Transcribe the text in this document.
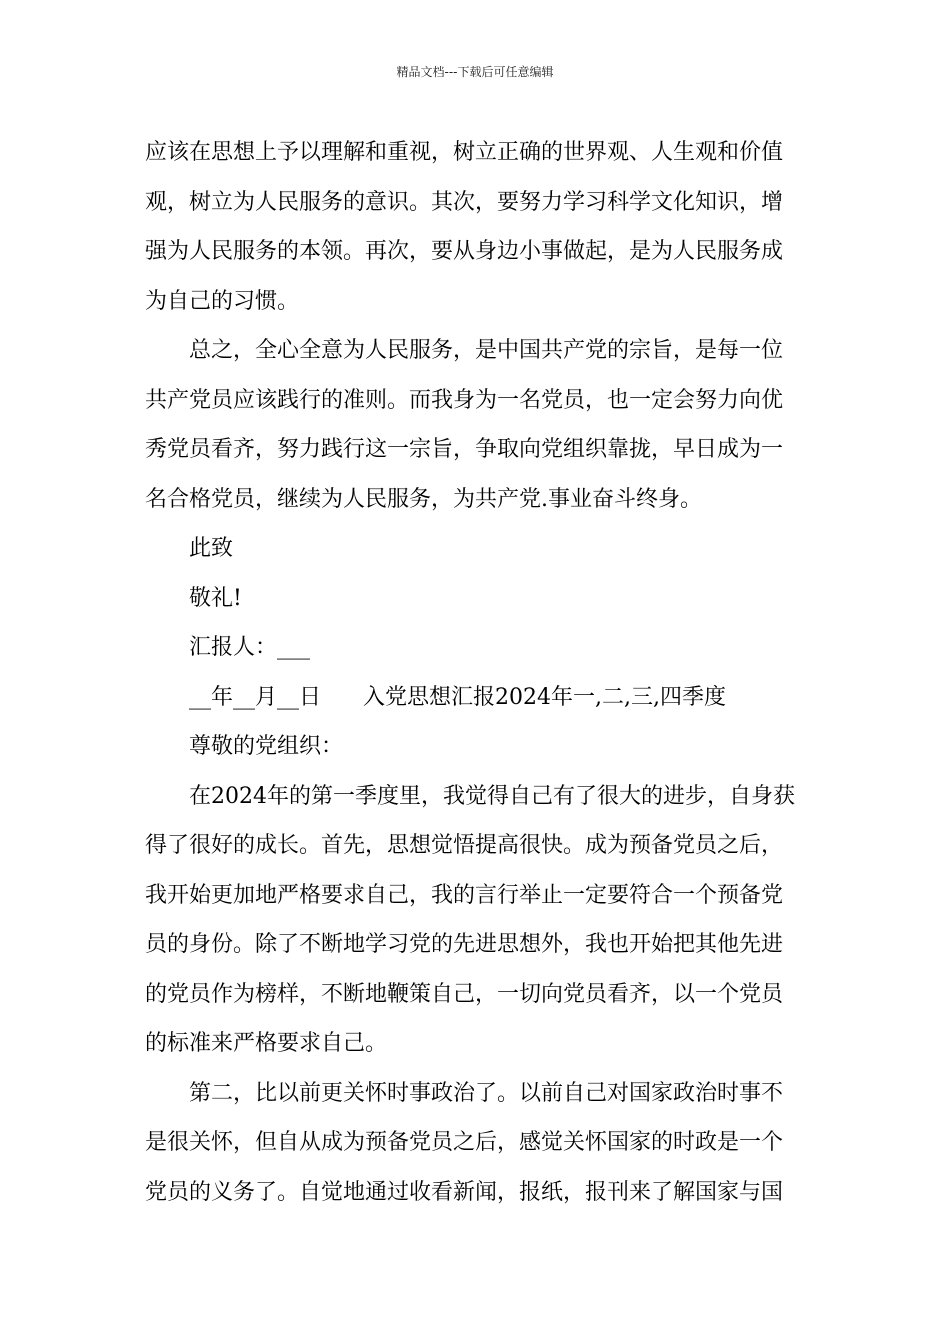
精品文档---下载后可任意编辑
应该在思想上予以理解和重视，树立正确的世界观、人生观和价值
观，树立为人民服务的意识。其次，要努力学习科学文化知识，增
强为人民服务的本领。再次，要从身边小事做起，是为人民服务成
为自己的习惯。
总之，全心全意为人民服务，是中国共产党的宗旨，是每一位
共产党员应该践行的准则。而我身为一名党员，也一定会努力向优
秀党员看齐，努力践行这一宗旨，争取向党组织靠拢，早日成为一
名合格党员，继续为人民服务，为共产党.事业奋斗终身。
此致
敬礼!
汇报人：___
__年__月__日 入党思想汇报2024年一,二,三,四季度
尊敬的党组织：
在2024年的第一季度里，我觉得自己有了很大的进步，自身获
得了很好的成长。首先，思想觉悟提高很快。成为预备党员之后，
我开始更加地严格要求自己，我的言行举止一定要符合一个预备党
员的身份。除了不断地学习党的先进思想外，我也开始把其他先进
的党员作为榜样，不断地鞭策自己，一切向党员看齐，以一个党员
的标准来严格要求自己。
第二，比以前更关怀时事政治了。以前自己对国家政治时事不
是很关怀，但自从成为预备党员之后，感觉关怀国家的时政是一个
党员的义务了。自觉地通过收看新闻，报纸，报刊来了解国家与国
